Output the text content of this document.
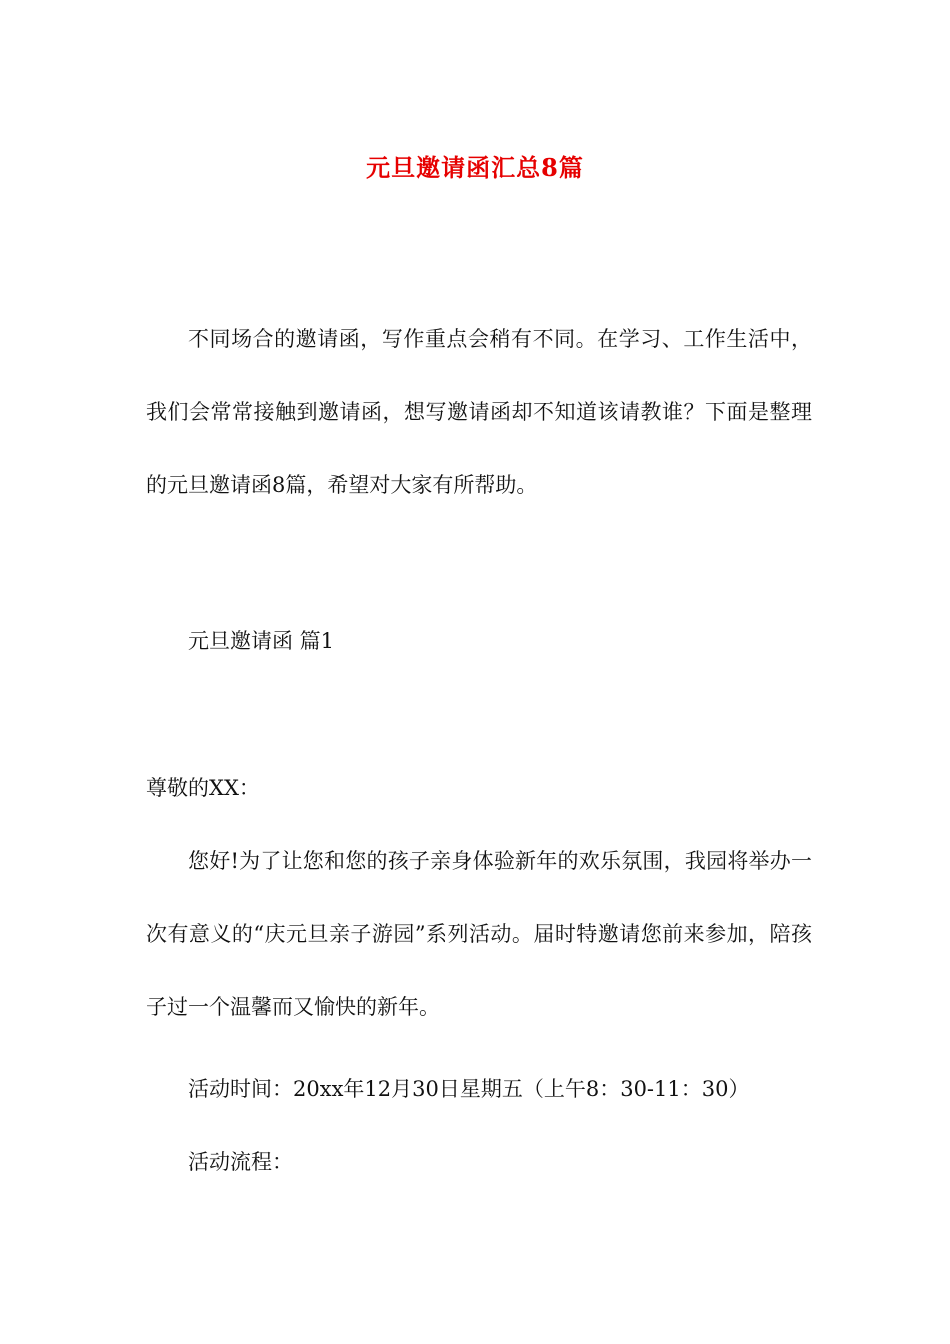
元旦邀请函汇总8篇

不同场合的邀请函，写作重点会稍有不同。在学习、工作生活中，我们会常常接触到邀请函，想写邀请函却不知道该请教谁？下面是整理的元旦邀请函8篇，希望对大家有所帮助。

元旦邀请函 篇1

尊敬的XX：

您好!为了让您和您的孩子亲身体验新年的欢乐氛围，我园将举办一次有意义的“庆元旦亲子游园”系列活动。届时特邀请您前来参加，陪孩子过一个温馨而又愉快的新年。

活动时间：20xx年12月30日星期五（上午8：30-11：30）

活动流程：
